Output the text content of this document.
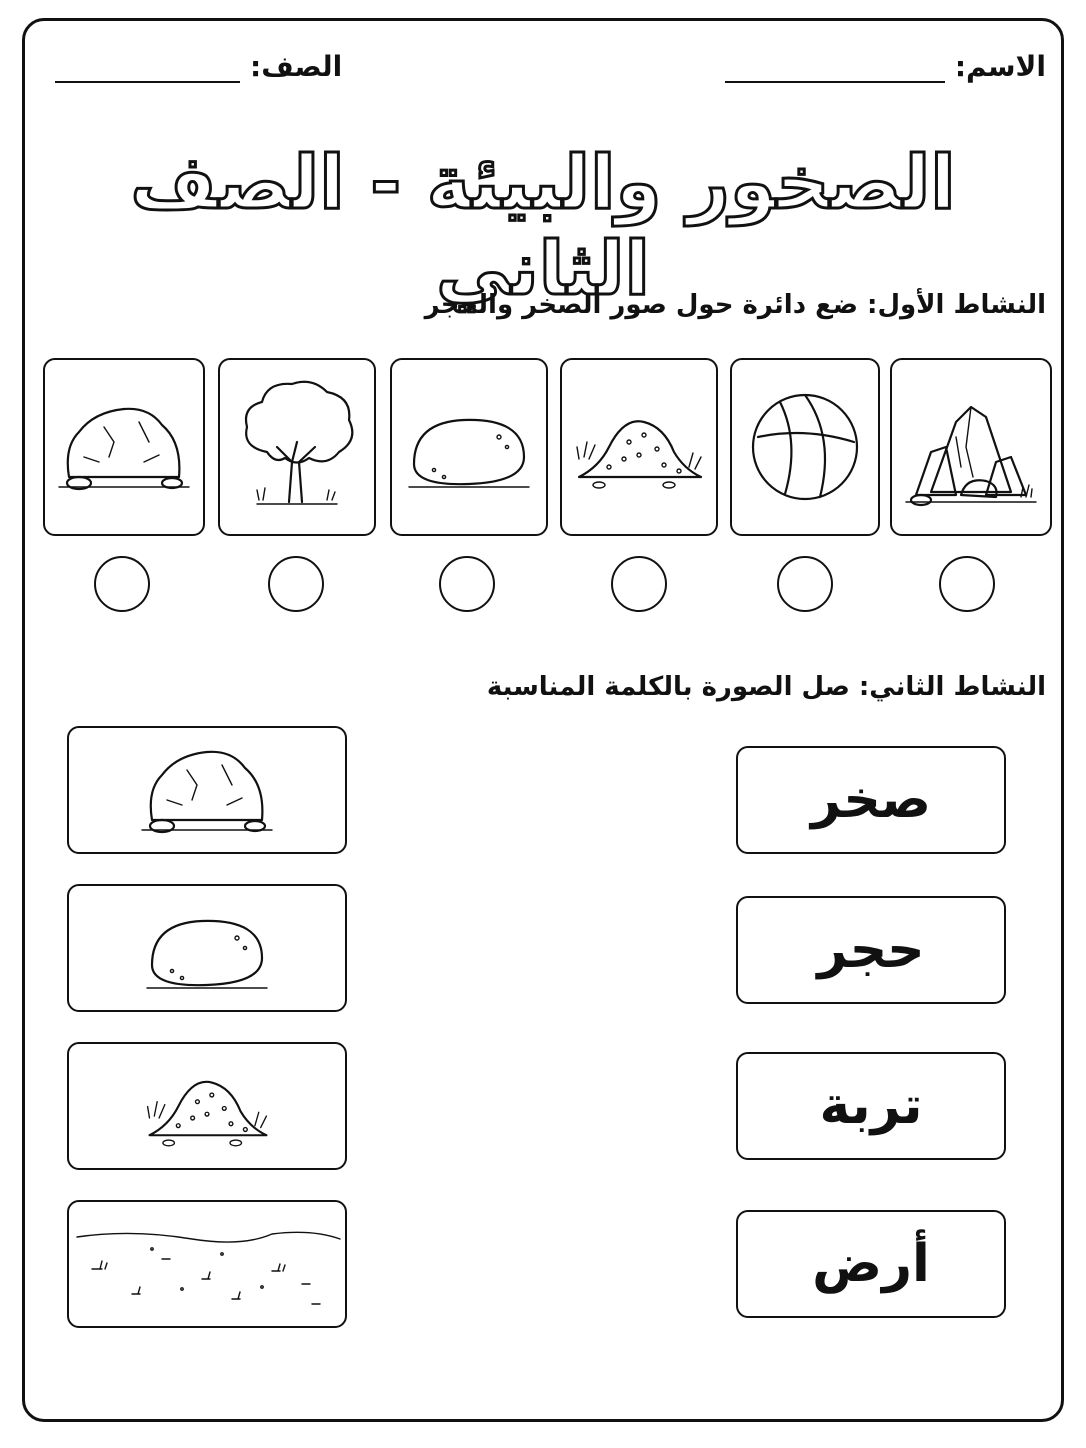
الاسم:
الصف:
الصخور والبيئة - الصف الثاني
النشاط الأول: ضع دائرة حول صور الصخر والحجر
النشاط الثاني: صل الصورة بالكلمة المناسبة
صخر
حجر
تربة
أرض
